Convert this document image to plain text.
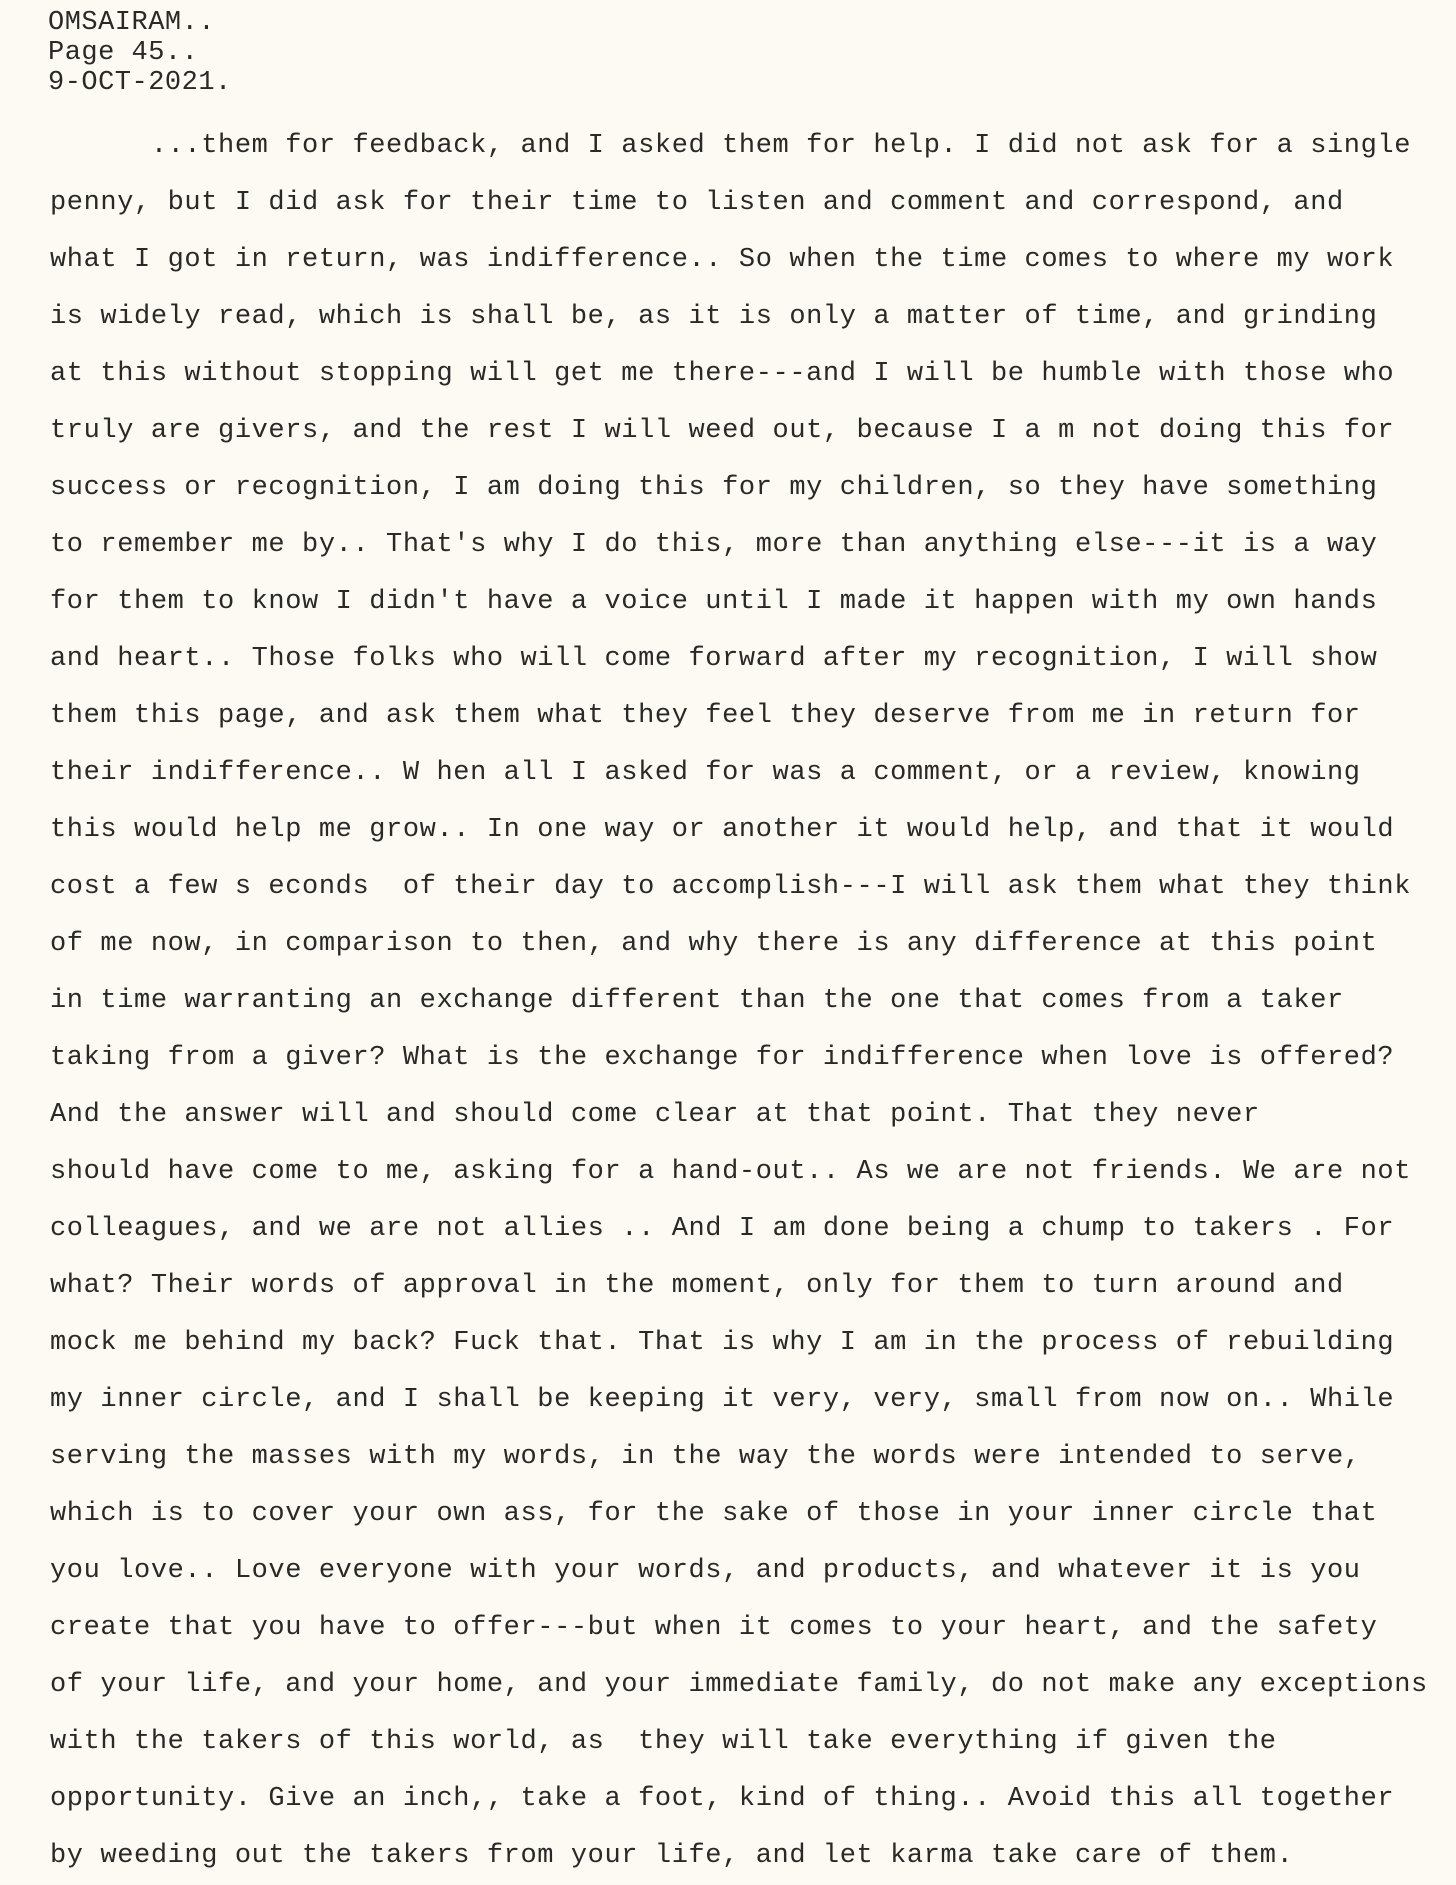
OMSAIRAM..
Page 45..
9-OCT-2021.
...them for feedback, and I asked them for help. I did not ask for a single
penny, but I did ask for their time to listen and comment and correspond, and
what I got in return, was indifference.. So when the time comes to where my work
is widely read, which is shall be, as it is only a matter of time, and grinding
at this without stopping will get me there---and I will be humble with those who
truly are givers, and the rest I will weed out, because I a m not doing this for
success or recognition, I am doing this for my children, so they have something
to remember me by.. That's why I do this, more than anything else---it is a way
for them to know I didn't have a voice until I made it happen with my own hands
and heart.. Those folks who will come forward after my recognition, I will show
them this page, and ask them what they feel they deserve from me in return for
their indifference.. W hen all I asked for was a comment, or a review, knowing
this would help me grow.. In one way or another it would help, and that it would
cost a few s econds  of their day to accomplish---I will ask them what they think
of me now, in comparison to then, and why there is any difference at this point
in time warranting an exchange different than the one that comes from a taker
taking from a giver? What is the exchange for indifference when love is offered?
And the answer will and should come clear at that point. That they never
should have come to me, asking for a hand-out.. As we are not friends. We are not
colleagues, and we are not allies .. And I am done being a chump to takers . For
what? Their words of approval in the moment, only for them to turn around and
mock me behind my back? Fuck that. That is why I am in the process of rebuilding
my inner circle, and I shall be keeping it very, very, small from now on.. While
serving the masses with my words, in the way the words were intended to serve,
which is to cover your own ass, for the sake of those in your inner circle that
you love.. Love everyone with your words, and products, and whatever it is you
create that you have to offer---but when it comes to your heart, and the safety
of your life, and your home, and your immediate family, do not make any exceptions
with the takers of this world, as  they will take everything if given the
opportunity. Give an inch,, take a foot, kind of thing.. Avoid this all together
by weeding out the takers from your life, and let karma take care of them.
